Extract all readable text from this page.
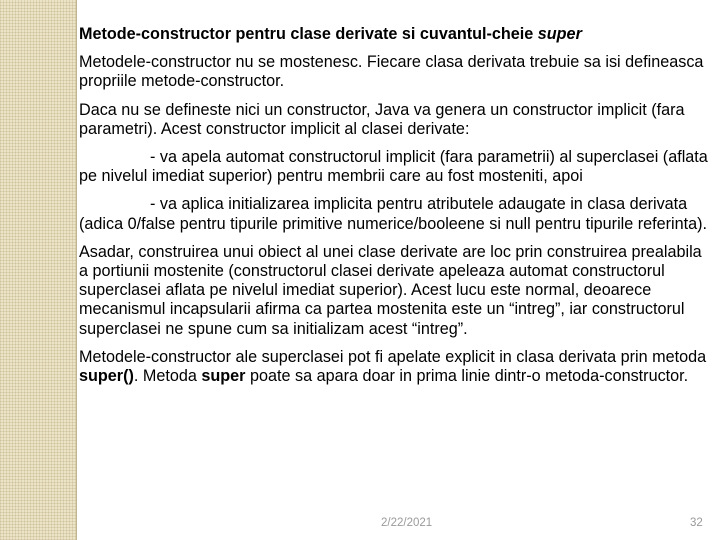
Metode-constructor pentru clase derivate si cuvantul-cheie super

Metodele-constructor nu se mostenesc. Fiecare clasa derivata trebuie sa isi defineasca propriile metode-constructor.

Daca nu se defineste nici un constructor, Java va genera un constructor implicit (fara parametri). Acest constructor implicit al clasei derivate:

- va apela automat constructorul implicit (fara parametrii) al superclasei (aflata pe nivelul imediat superior) pentru membrii care au fost mosteniti, apoi

- va aplica initializarea implicita pentru atributele adaugate in clasa derivata (adica 0/false pentru tipurile primitive numerice/booleene si null pentru tipurile referinta).

Asadar, construirea unui obiect al unei clase derivate are loc prin construirea prealabila a portiunii mostenite (constructorul clasei derivate apeleaza automat constructorul superclasei aflata pe nivelul imediat superior). Acest lucu este normal, deoarece mecanismul incapsularii afirma ca partea mostenita este un “intreg”, iar constructorul superclasei ne spune cum sa initializam acest “intreg”.

Metodele-constructor ale superclasei pot fi apelate explicit in clasa derivata prin metoda super(). Metoda super poate sa apara doar in prima linie dintr-o metoda-constructor.

2/22/2021	32
